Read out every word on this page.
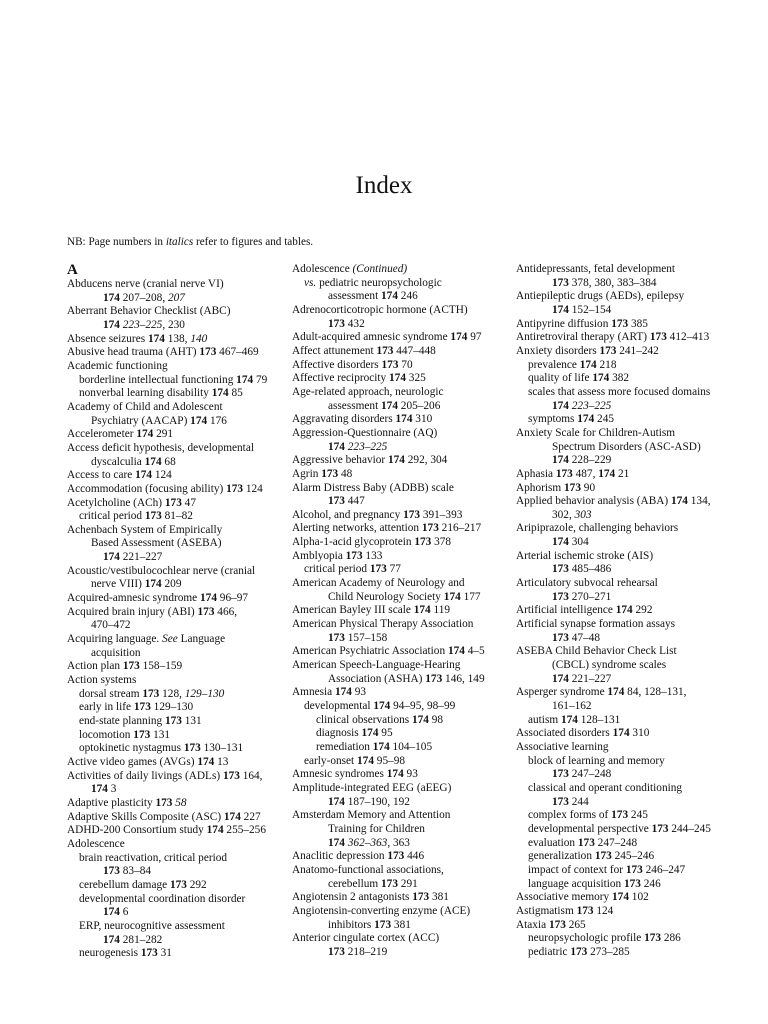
Index

NB: Page numbers in italics refer to figures and tables.

A
Abducens nerve (cranial nerve VI)
174 207–208, 207
Aberrant Behavior Checklist (ABC)
174 223–225, 230
Absence seizures 174 138, 140
Abusive head trauma (AHT) 173 467–469
Academic functioning
borderline intellectual functioning 174 79
nonverbal learning disability 174 85
Academy of Child and Adolescent
Psychiatry (AACAP) 174 176
Accelerometer 174 291
Access deficit hypothesis, developmental
dyscalculia 174 68
Access to care 174 124
Accommodation (focusing ability) 173 124
Acetylcholine (ACh) 173 47
critical period 173 81–82
Achenbach System of Empirically
Based Assessment (ASEBA)
174 221–227
Acoustic/vestibulocochlear nerve (cranial
nerve VIII) 174 209
Acquired-amnesic syndrome 174 96–97
Acquired brain injury (ABI) 173 466,
470–472
Acquiring language. See Language
acquisition
Action plan 173 158–159
Action systems
dorsal stream 173 128, 129–130
early in life 173 129–130
end-state planning 173 131
locomotion 173 131
optokinetic nystagmus 173 130–131
Active video games (AVGs) 174 13
Activities of daily livings (ADLs) 173 164,
174 3
Adaptive plasticity 173 58
Adaptive Skills Composite (ASC) 174 227
ADHD-200 Consortium study 174 255–256
Adolescence
brain reactivation, critical period
173 83–84
cerebellum damage 173 292
developmental coordination disorder
174 6
ERP, neurocognitive assessment
174 281–282
neurogenesis 173 31
Adolescence (Continued)
vs. pediatric neuropsychologic
assessment 174 246
Adrenocorticotropic hormone (ACTH)
173 432
Adult-acquired amnesic syndrome 174 97
Affect attunement 173 447–448
Affective disorders 173 70
Affective reciprocity 174 325
Age-related approach, neurologic
assessment 174 205–206
Aggravating disorders 174 310
Aggression-Questionnaire (AQ)
174 223–225
Aggressive behavior 174 292, 304
Agrin 173 48
Alarm Distress Baby (ADBB) scale
173 447
Alcohol, and pregnancy 173 391–393
Alerting networks, attention 173 216–217
Alpha-1-acid glycoprotein 173 378
Amblyopia 173 133
critical period 173 77
American Academy of Neurology and
Child Neurology Society 174 177
American Bayley III scale 174 119
American Physical Therapy Association
173 157–158
American Psychiatric Association 174 4–5
American Speech-Language-Hearing
Association (ASHA) 173 146, 149
Amnesia 174 93
developmental 174 94–95, 98–99
clinical observations 174 98
diagnosis 174 95
remediation 174 104–105
early-onset 174 95–98
Amnesic syndromes 174 93
Amplitude-integrated EEG (aEEG)
174 187–190, 192
Amsterdam Memory and Attention
Training for Children
174 362–363, 363
Anaclitic depression 173 446
Anatomo-functional associations,
cerebellum 173 291
Angiotensin 2 antagonists 173 381
Angiotensin-converting enzyme (ACE)
inhibitors 173 381
Anterior cingulate cortex (ACC)
173 218–219
Antidepressants, fetal development
173 378, 380, 383–384
Antiepileptic drugs (AEDs), epilepsy
174 152–154
Antipyrine diffusion 173 385
Antiretroviral therapy (ART) 173 412–413
Anxiety disorders 173 241–242
prevalence 174 218
quality of life 174 382
scales that assess more focused domains
174 223–225
symptoms 174 245
Anxiety Scale for Children-Autism
Spectrum Disorders (ASC-ASD)
174 228–229
Aphasia 173 487, 174 21
Aphorism 173 90
Applied behavior analysis (ABA) 174 134,
302, 303
Aripiprazole, challenging behaviors
174 304
Arterial ischemic stroke (AIS)
173 485–486
Articulatory subvocal rehearsal
173 270–271
Artificial intelligence 174 292
Artificial synapse formation assays
173 47–48
ASEBA Child Behavior Check List
(CBCL) syndrome scales
174 221–227
Asperger syndrome 174 84, 128–131,
161–162
autism 174 128–131
Associated disorders 174 310
Associative learning
block of learning and memory
173 247–248
classical and operant conditioning
173 244
complex forms of 173 245
developmental perspective 173 244–245
evaluation 173 247–248
generalization 173 245–246
impact of context for 173 246–247
language acquisition 173 246
Associative memory 174 102
Astigmatism 173 124
Ataxia 173 265
neuropsychologic profile 173 286
pediatric 173 273–285
